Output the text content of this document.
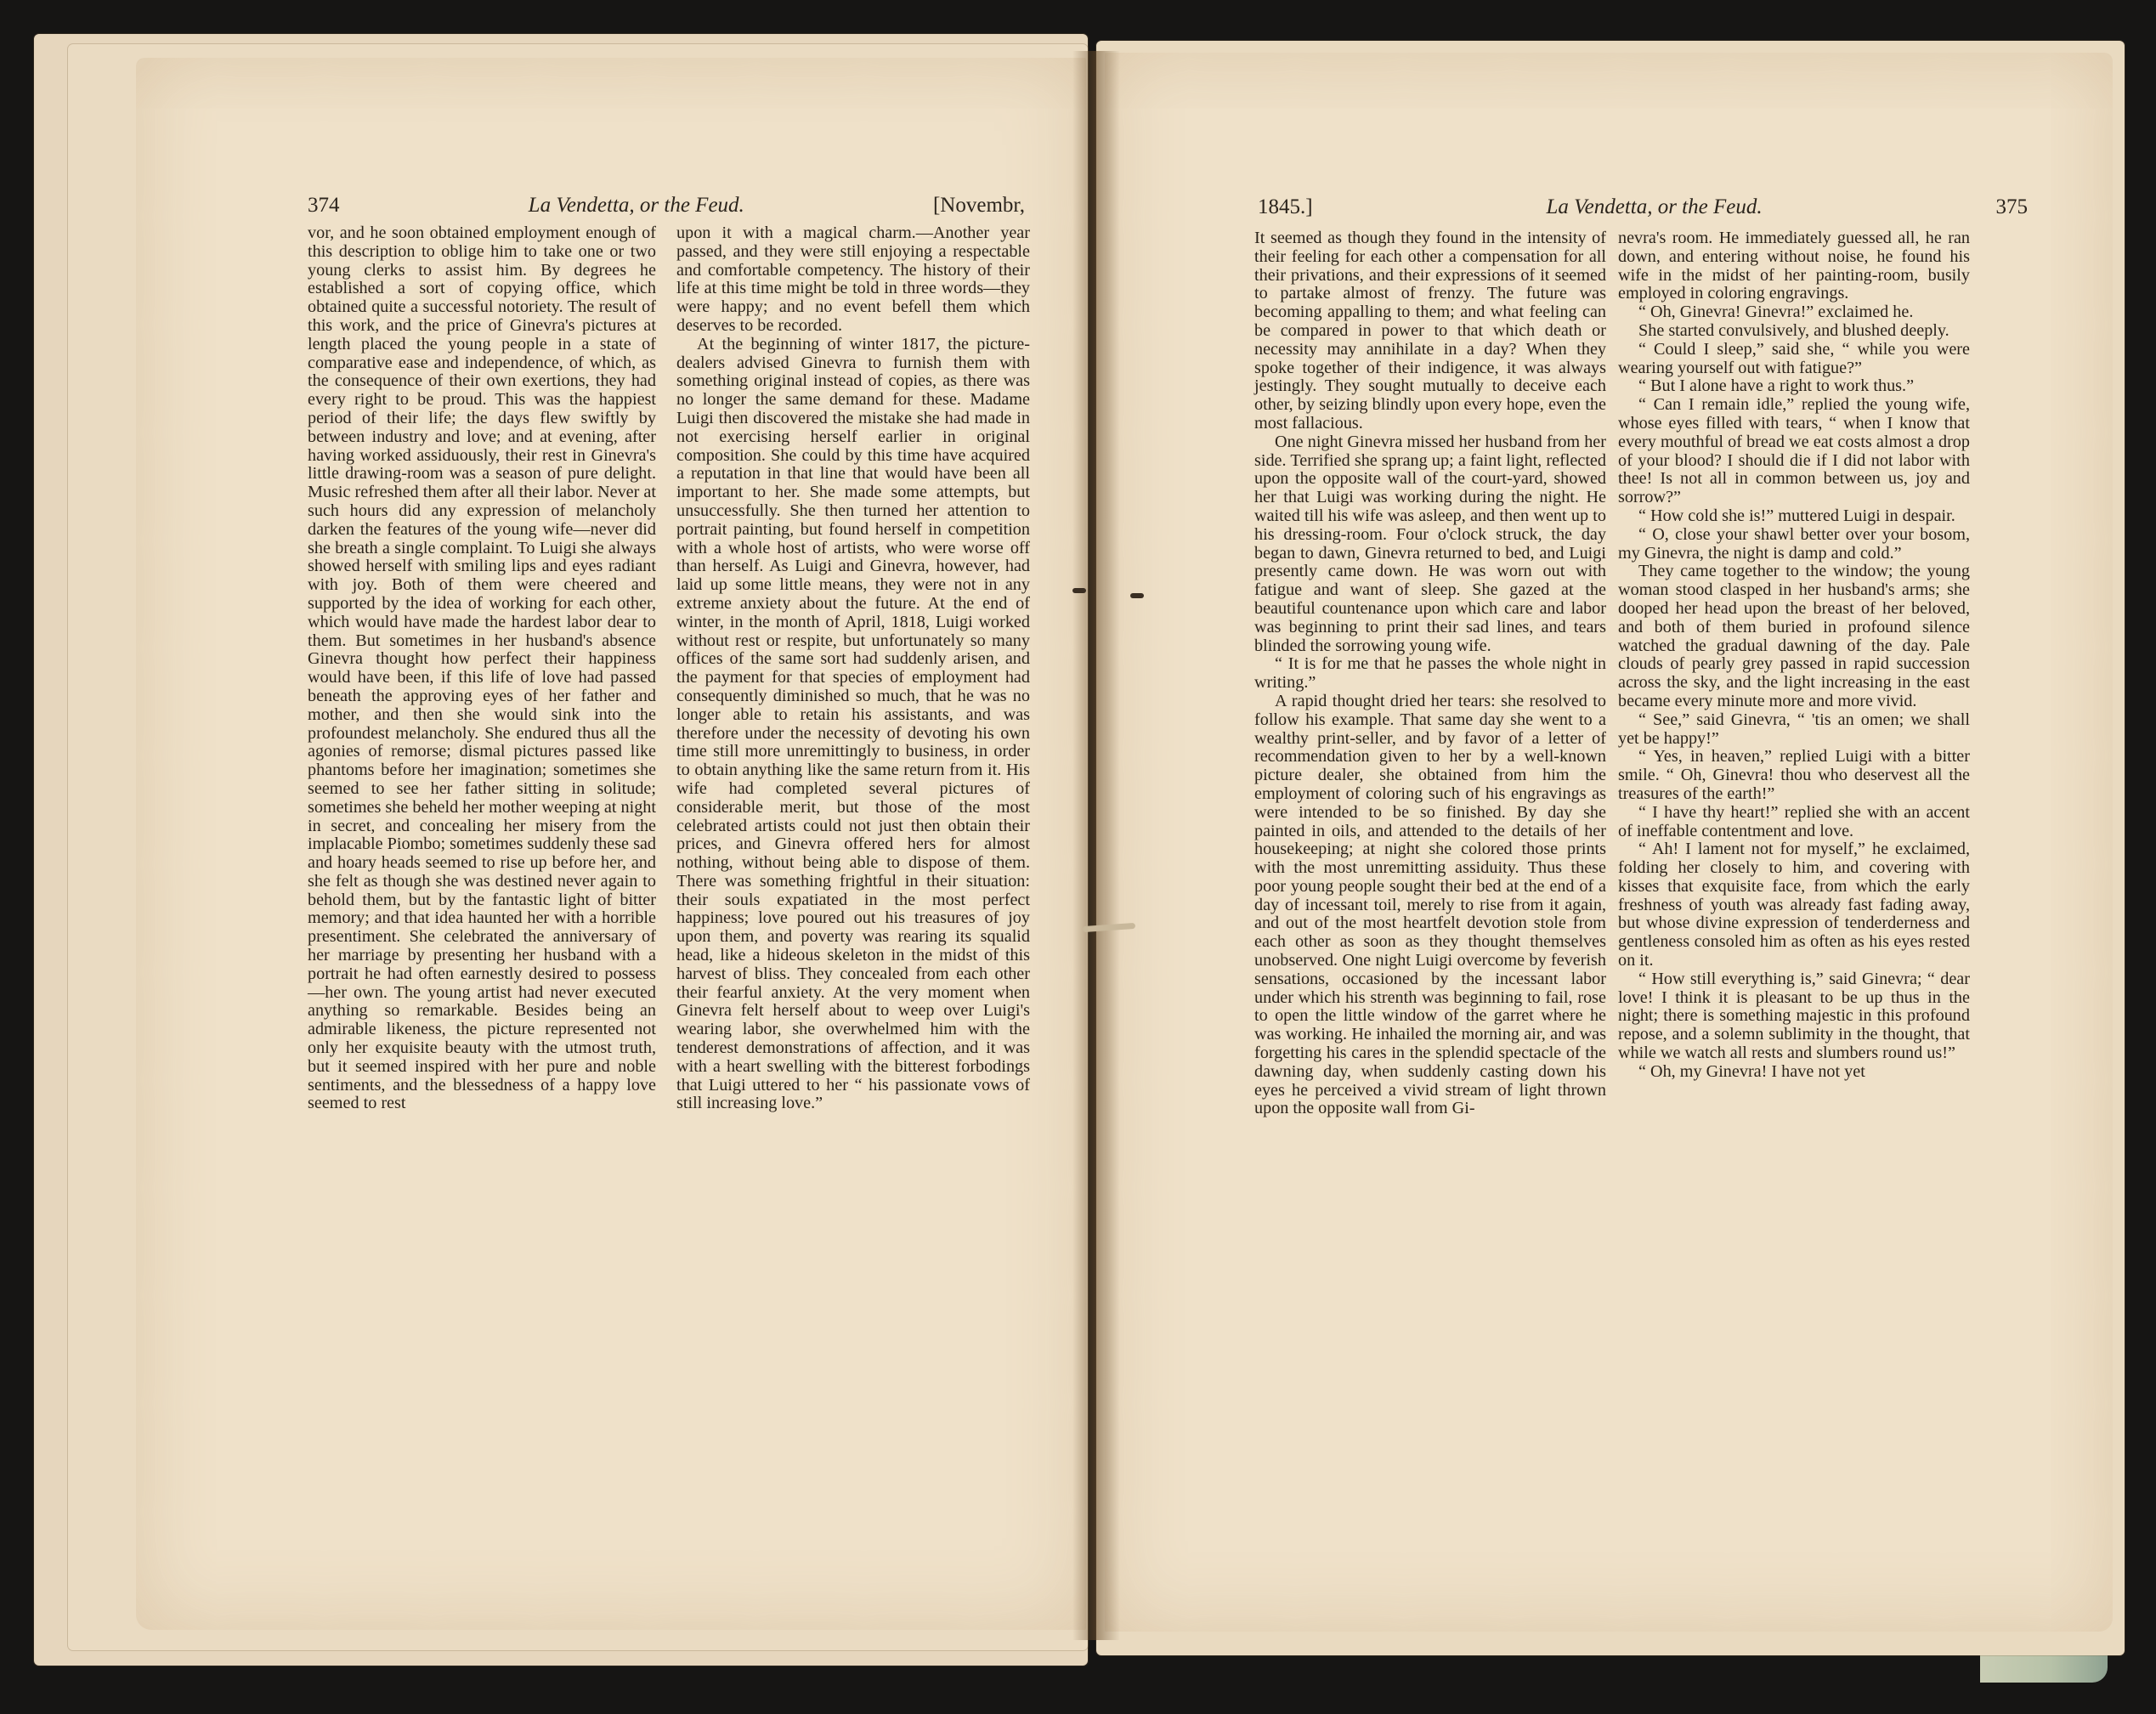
374	La Vendetta, or the Feud.	[Novembr,

vor, and he soon obtained employment enough of this description to oblige him to take one or two young clerks to assist him. By degrees he established a sort of copying office, which obtained quite a successful notoriety. The result of this work, and the price of Ginevra's pictures at length placed the young people in a state of comparative ease and independence, of which, as the consequence of their own exertions, they had every right to be proud. This was the happiest period of their life; the days flew swiftly by between industry and love; and at evening, after having worked assiduously, their rest in Ginevra's little drawing-room was a season of pure delight. Music refreshed them after all their labor. Never at such hours did any expression of melancholy darken the features of the young wife—never did she breath a single complaint. To Luigi she always showed herself with smiling lips and eyes radiant with joy. Both of them were cheered and supported by the idea of working for each other, which would have made the hardest labor dear to them. But sometimes in her husband's absence Ginevra thought how perfect their happiness would have been, if this life of love had passed beneath the approving eyes of her father and mother, and then she would sink into the profoundest melancholy. She endured thus all the agonies of remorse; dismal pictures passed like phantoms before her imagination; sometimes she seemed to see her father sitting in solitude; sometimes she beheld her mother weeping at night in secret, and concealing her misery from the implacable Piombo; sometimes suddenly these sad and hoary heads seemed to rise up before her, and she felt as though she was destined never again to behold them, but by the fantastic light of bitter memory; and that idea haunted her with a horrible presentiment. She celebrated the anniversary of her marriage by presenting her husband with a portrait he had often earnestly desired to possess—her own. The young artist had never executed anything so remarkable. Besides being an admirable likeness, the picture represented not only her exquisite beauty with the utmost truth, but it seemed inspired with her pure and noble sentiments, and the blessedness of a happy love seemed to rest

upon it with a magical charm.—Another year passed, and they were still enjoying a respectable and comfortable competency. The history of their life at this time might be told in three words—they were happy; and no event befell them which deserves to be recorded.

At the beginning of winter 1817, the picture-dealers advised Ginevra to furnish them with something original instead of copies, as there was no longer the same demand for these. Madame Luigi then discovered the mistake she had made in not exercising herself earlier in original composition. She could by this time have acquired a reputation in that line that would have been all important to her. She made some attempts, but unsuccessfully. She then turned her attention to portrait painting, but found herself in competition with a whole host of artists, who were worse off than herself. As Luigi and Ginevra, however, had laid up some little means, they were not in any extreme anxiety about the future. At the end of winter, in the month of April, 1818, Luigi worked without rest or respite, but unfortunately so many offices of the same sort had suddenly arisen, and the payment for that species of employment had consequently diminished so much, that he was no longer able to retain his assistants, and was therefore under the necessity of devoting his own time still more unremittingly to business, in order to obtain anything like the same return from it. His wife had completed several pictures of considerable merit, but those of the most celebrated artists could not just then obtain their prices, and Ginevra offered hers for almost nothing, without being able to dispose of them. There was something frightful in their situation: their souls expatiated in the most perfect happiness; love poured out his treasures of joy upon them, and poverty was rearing its squalid head, like a hideous skeleton in the midst of this harvest of bliss. They concealed from each other their fearful anxiety. At the very moment when Ginevra felt herself about to weep over Luigi's wearing labor, she overwhelmed him with the tenderest demonstrations of affection, and it was with a heart swelling with the bitterest forbodings that Luigi uttered to her “ his passionate vows of still increasing love.”

1845.]	La Vendetta, or the Feud.	375

It seemed as though they found in the intensity of their feeling for each other a compensation for all their privations, and their expressions of it seemed to partake almost of frenzy. The future was becoming appalling to them; and what feeling can be compared in power to that which death or necessity may annihilate in a day? When they spoke together of their indigence, it was always jestingly. They sought mutually to deceive each other, by seizing blindly upon every hope, even the most fallacious.

One night Ginevra missed her husband from her side. Terrified she sprang up; a faint light, reflected upon the opposite wall of the court-yard, showed her that Luigi was working during the night. He waited till his wife was asleep, and then went up to his dressing-room. Four o'clock struck, the day began to dawn, Ginevra returned to bed, and Luigi presently came down. He was worn out with fatigue and want of sleep. She gazed at the beautiful countenance upon which care and labor was beginning to print their sad lines, and tears blinded the sorrowing young wife.

“ It is for me that he passes the whole night in writing.”

A rapid thought dried her tears: she resolved to follow his example. That same day she went to a wealthy print-seller, and by favor of a letter of recommendation given to her by a well-known picture dealer, she obtained from him the employment of coloring such of his engravings as were intended to be so finished. By day she painted in oils, and attended to the details of her housekeeping; at night she colored those prints with the most unremitting assiduity. Thus these poor young people sought their bed at the end of a day of incessant toil, merely to rise from it again, and out of the most heartfelt devotion stole from each other as soon as they thought themselves unobserved. One night Luigi overcome by feverish sensations, occasioned by the incessant labor under which his strenth was beginning to fail, rose to open the little window of the garret where he was working. He inhailed the morning air, and was forgetting his cares in the splendid spectacle of the dawning day, when suddenly casting down his eyes he perceived a vivid stream of light thrown upon the opposite wall from Gi-

nevra's room. He immediately guessed all, he ran down, and entering without noise, he found his wife in the midst of her painting-room, busily employed in coloring engravings.

“ Oh, Ginevra! Ginevra!” exclaimed he.

She started convulsively, and blushed deeply.

“ Could I sleep,” said she, “ while you were wearing yourself out with fatigue?”

“ But I alone have a right to work thus.”

“ Can I remain idle,” replied the young wife, whose eyes filled with tears, “ when I know that every mouthful of bread we eat costs almost a drop of your blood? I should die if I did not labor with thee! Is not all in common between us, joy and sorrow?”

“ How cold she is!” muttered Luigi in despair.

“ O, close your shawl better over your bosom, my Ginevra, the night is damp and cold.”

They came together to the window; the young woman stood clasped in her husband's arms; she dooped her head upon the breast of her beloved, and both of them buried in profound silence watched the gradual dawning of the day. Pale clouds of pearly grey passed in rapid succession across the sky, and the light increasing in the east became every minute more and more vivid.

“ See,” said Ginevra, “ 'tis an omen; we shall yet be happy!”

“ Yes, in heaven,” replied Luigi with a bitter smile. “ Oh, Ginevra! thou who deservest all the treasures of the earth!”

“ I have thy heart!” replied she with an accent of ineffable contentment and love.

“ Ah! I lament not for myself,” he exclaimed, folding her closely to him, and covering with kisses that exquisite face, from which the early freshness of youth was already fast fading away, but whose divine expression of tenderderness and gentleness consoled him as often as his eyes rested on it.

“ How still everything is,” said Ginevra; “ dear love! I think it is pleasant to be up thus in the night; there is something majestic in this profound repose, and a solemn sublimity in the thought, that while we watch all rests and slumbers round us!”

“ Oh, my Ginevra! I have not yet
